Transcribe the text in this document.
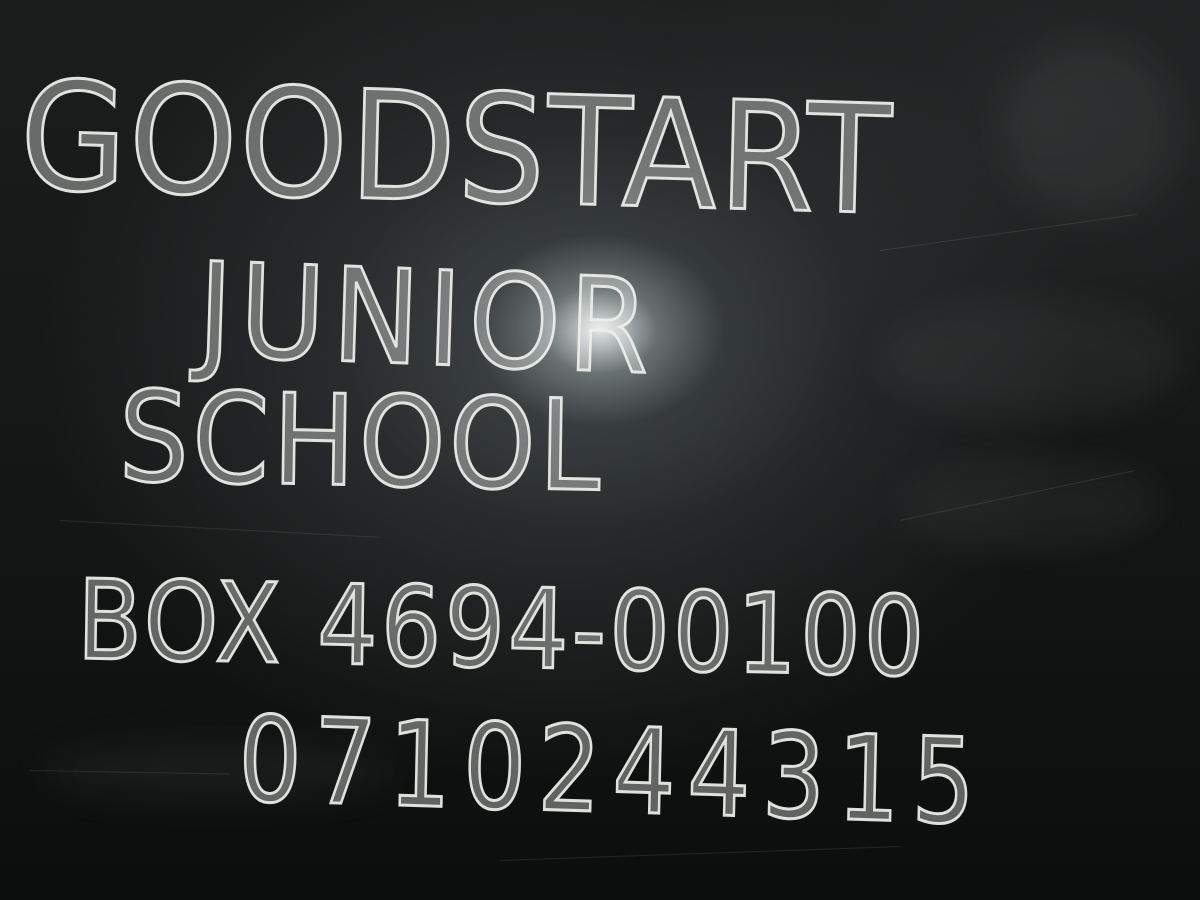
GOODSTART
JUNIOR
SCHOOL
BOX 4694-00100
0710244315
